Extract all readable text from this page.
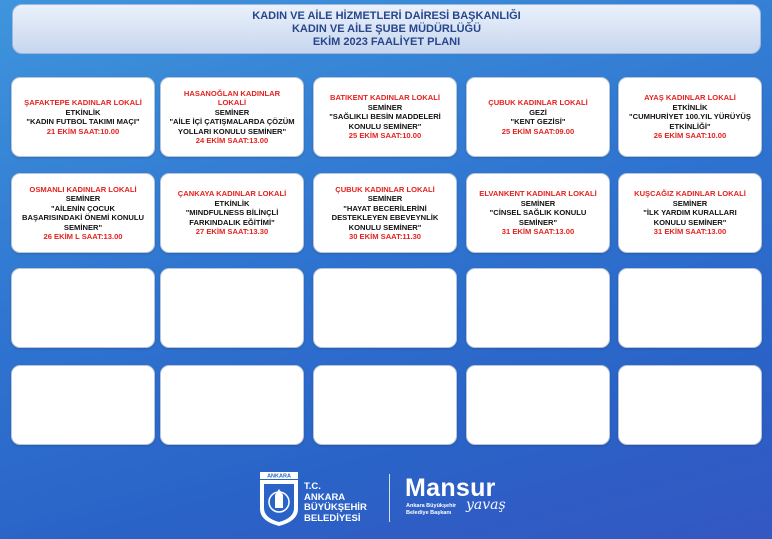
KADIN VE AİLE HİZMETLERİ DAİRESİ BAŞKANLIĞI
KADIN VE AİLE ŞUBE MÜDÜRLÜĞÜ
EKİM 2023 FAALİYET PLANI
ŞAFAKTEPE KADINLAR LOKALİ
ETKİNLİK
"KADIN FUTBOL TAKIMI MAÇI"
21 EKİM SAAT:10.00
HASANOĞLAN KADINLAR LOKALİ
SEMİNER
"AİLE İÇİ ÇATIŞMALARDA ÇÖZÜM YOLLARI KONULU SEMİNER"
24 EKİM SAAT:13.00
BATIKENT KADINLAR LOKALİ
SEMİNER
"SAĞLIKLI BESİN MADDELERİ KONULU SEMİNER"
25 EKİM SAAT:10.00
ÇUBUK KADINLAR LOKALİ
GEZİ
"KENT GEZİSİ"
25 EKİM SAAT:09.00
AYAŞ KADINLAR LOKALİ
ETKİNLİK
"CUMHURİYET 100.YIL YÜRÜYÜŞ ETKİNLİĞİ"
26 EKİM SAAT:10.00
OSMANLI KADINLAR LOKALİ
SEMİNER
"AİLENİN ÇOCUK BAŞARISINDAKİ ÖNEMİ KONULU SEMİNER"
26 EKİM L SAAT:13.00
ÇANKAYA KADINLAR LOKALİ
ETKİNLİK
"MINDFULNESS BİLİNÇLİ FARKINDALIK EĞİTİMİ"
27 EKİM SAAT:13.30
ÇUBUK KADINLAR LOKALİ
SEMİNER
"HAYAT BECERİLERİNİ DESTEKLEYEN EBEVEYNLİK KONULU SEMİNER"
30 EKİM SAAT:11.30
ELVANKENT KADINLAR LOKALİ
SEMİNER
"CİNSEL SAĞLIK KONULU SEMİNER"
31 EKİM SAAT:13.00
KUŞCAĞIZ KADINLAR LOKALİ
SEMİNER
"İLK YARDIM KURALLARI KONULU SEMİNER"
31 EKİM SAAT:13.00
ANKARA
T.C.
ANKARA
BÜYÜKŞEHİR
BELEDİYESİ
Mansur
Ankara Büyükşehir
Belediye Başkanı	yavaş
